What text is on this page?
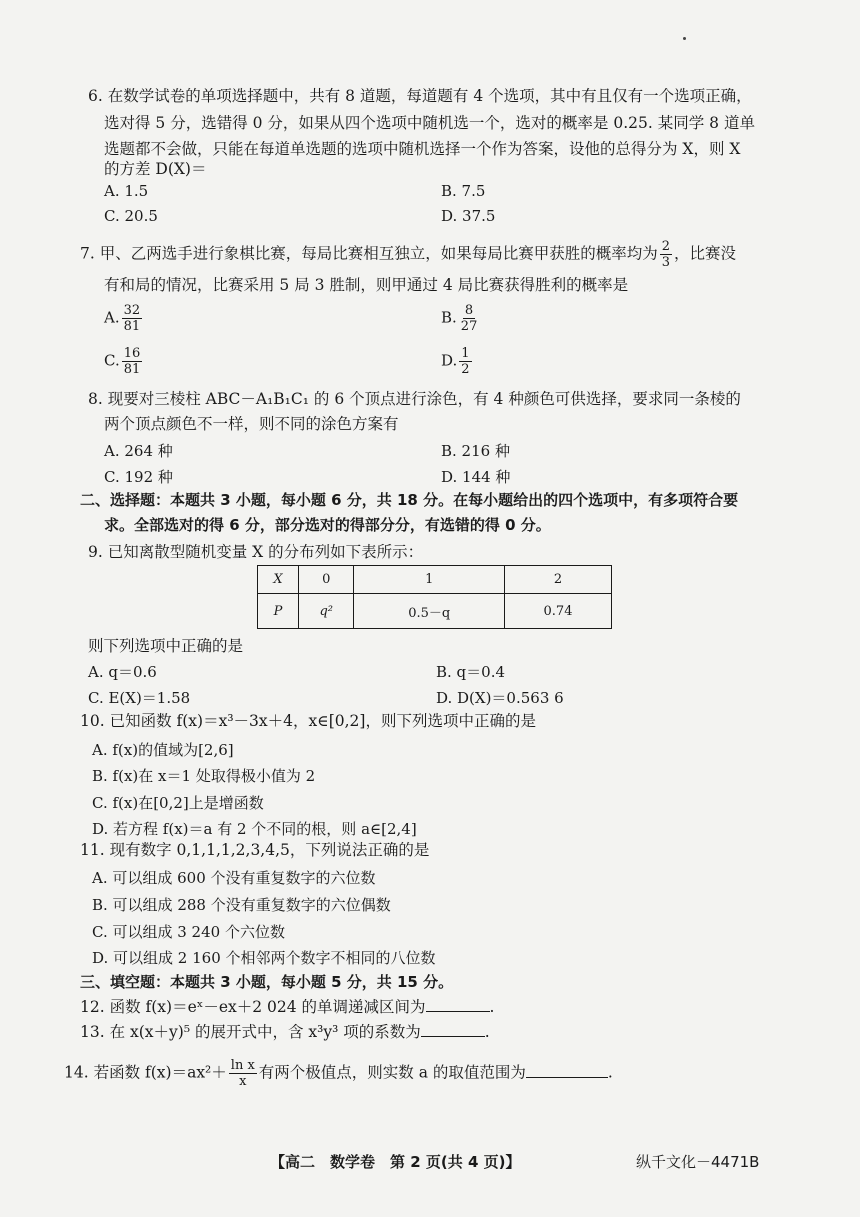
6. 在数学试卷的单项选择题中，共有 8 道题，每道题有 4 个选项，其中有且仅有一个选项正确，
选对得 5 分，选错得 0 分，如果从四个选项中随机选一个，选对的概率是 0.25. 某同学 8 道单
选题都不会做，只能在每道单选题的选项中随机选择一个作为答案，设他的总得分为 X，则 X
的方差 D(X)＝
A. 1.5	B. 7.5
C. 20.5	D. 37.5
7. 甲、乙两选手进行象棋比赛，每局比赛相互独立，如果每局比赛甲获胜的概率均为 $\frac{2}{3}$ ，比赛没
有和局的情况，比赛采用 5 局 3 胜制，则甲通过 4 局比赛获得胜利的概率是
A. $\frac{32}{81}$	B. $\frac{8}{27}$
C. $\frac{16}{81}$	D. $\frac{1}{2}$
8. 现要对三棱柱 ABC－A₁B₁C₁ 的 6 个顶点进行涂色，有 4 种颜色可供选择，要求同一条棱的
两个顶点颜色不一样，则不同的涂色方案有
A. 264 种	B. 216 种
C. 192 种	D. 144 种
二、选择题：本题共 3 小题，每小题 6 分，共 18 分。在每小题给出的四个选项中，有多项符合要
求。全部选对的得 6 分，部分选对的得部分分，有选错的得 0 分。
9. 已知离散型随机变量 X 的分布列如下表所示：
X	0	1	2
P	q²	0.5－q	0.74
则下列选项中正确的是
A. q＝0.6	B. q＝0.4
C. E(X)＝1.58	D. D(X)＝0.563 6
10. 已知函数 f(x)＝x³－3x＋4，x∈[0,2]，则下列选项中正确的是
A. f(x)的值域为[2,6]
B. f(x)在 x＝1 处取得极小值为 2
C. f(x)在[0,2]上是增函数
D. 若方程 f(x)＝a 有 2 个不同的根，则 a∈[2,4]
11. 现有数字 0,1,1,1,2,3,4,5，下列说法正确的是
A. 可以组成 600 个没有重复数字的六位数
B. 可以组成 288 个没有重复数字的六位偶数
C. 可以组成 3 240 个六位数
D. 可以组成 2 160 个相邻两个数字不相同的八位数
三、填空题：本题共 3 小题，每小题 5 分，共 15 分。
12. 函数 f(x)＝eˣ－ex＋2 024 的单调递减区间为	.
13. 在 x(x＋y)⁵ 的展开式中，含 x³y³ 项的系数为	.
14. 若函数 $f(x)=ax^2+ \frac{\text{ln x}}{x}$ 有两个极值点，则实数 a 的取值范围为	.
【高二　数学卷　第 2 页(共 4 页)】	纵千文化－4471B
